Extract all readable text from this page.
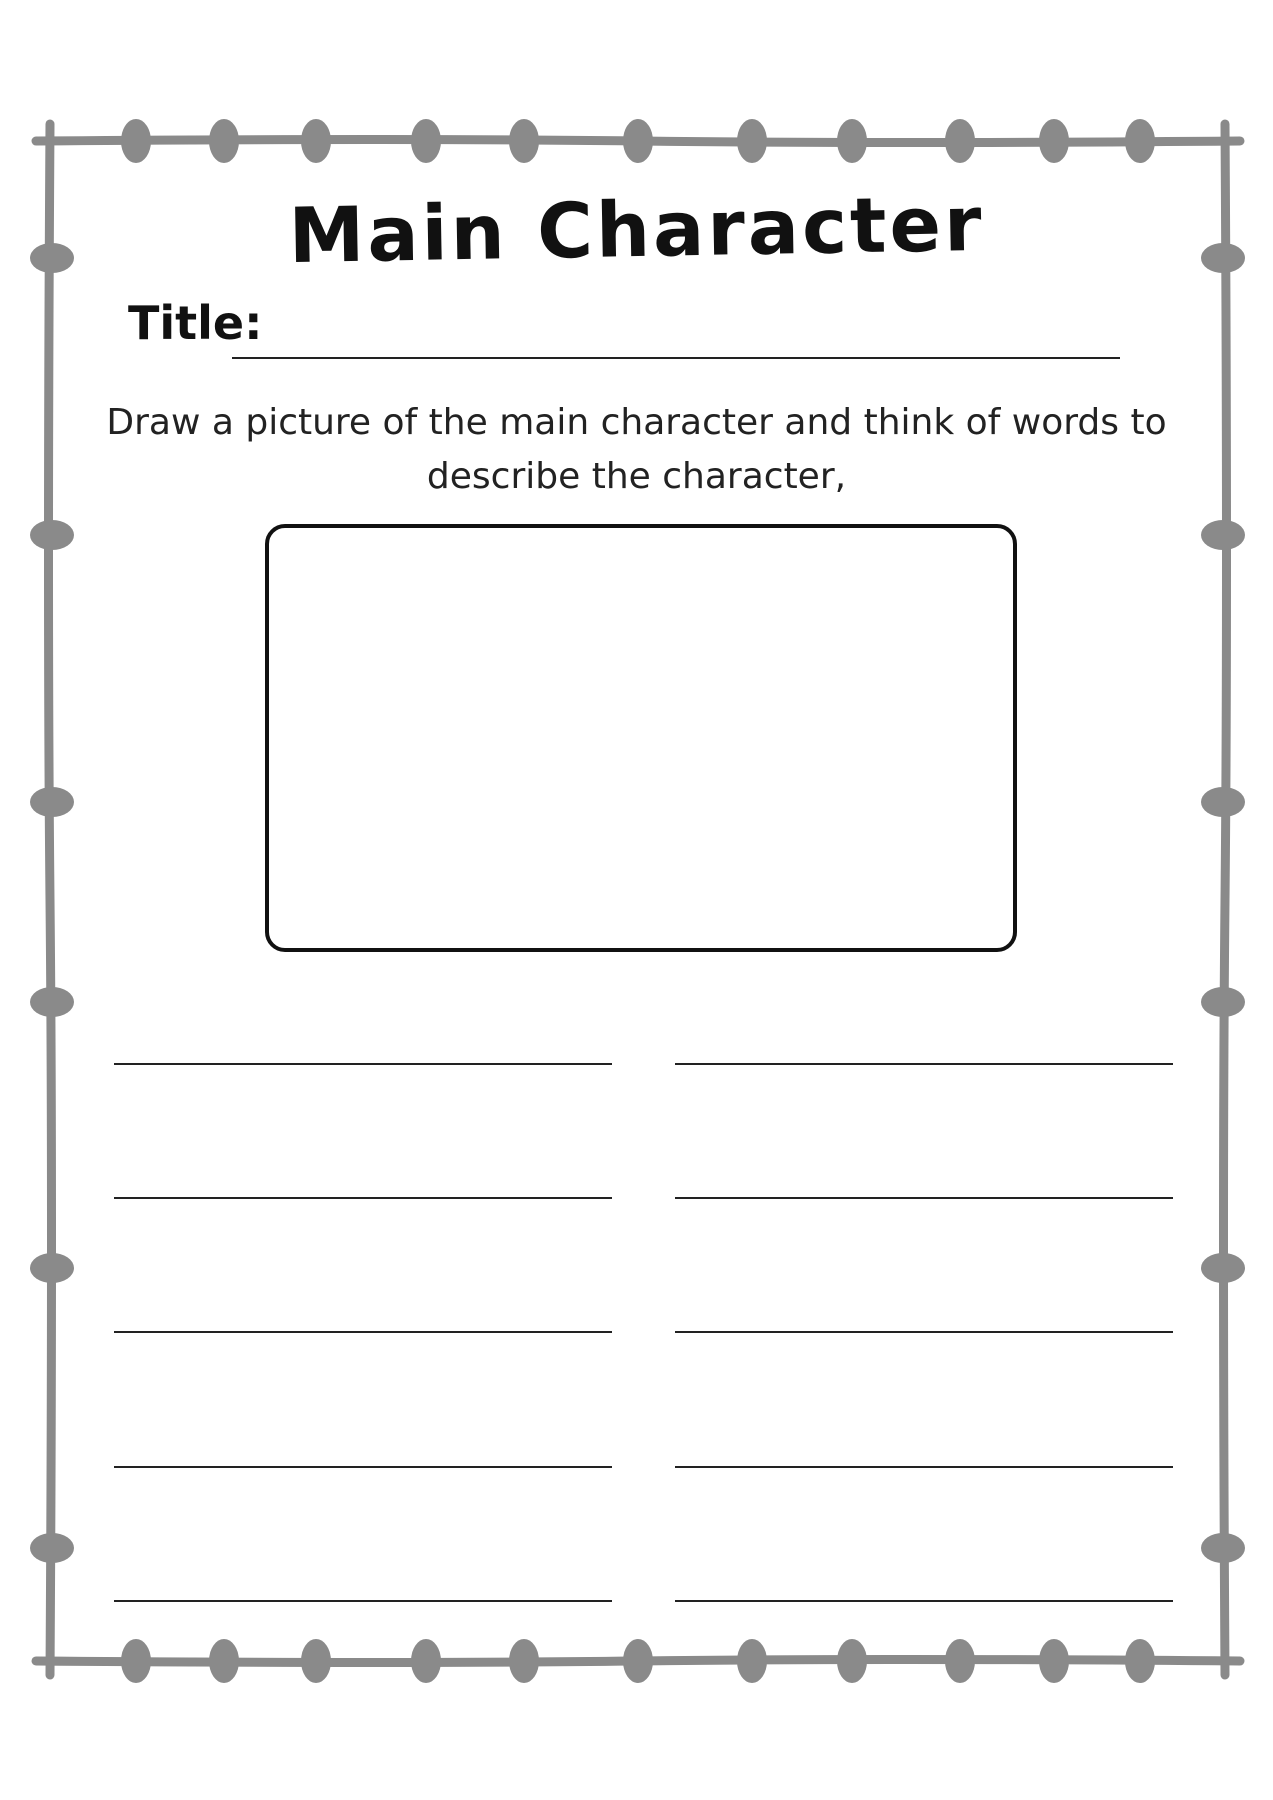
Main Character
Title:
Draw a picture of the main character and think of words to describe the character,
